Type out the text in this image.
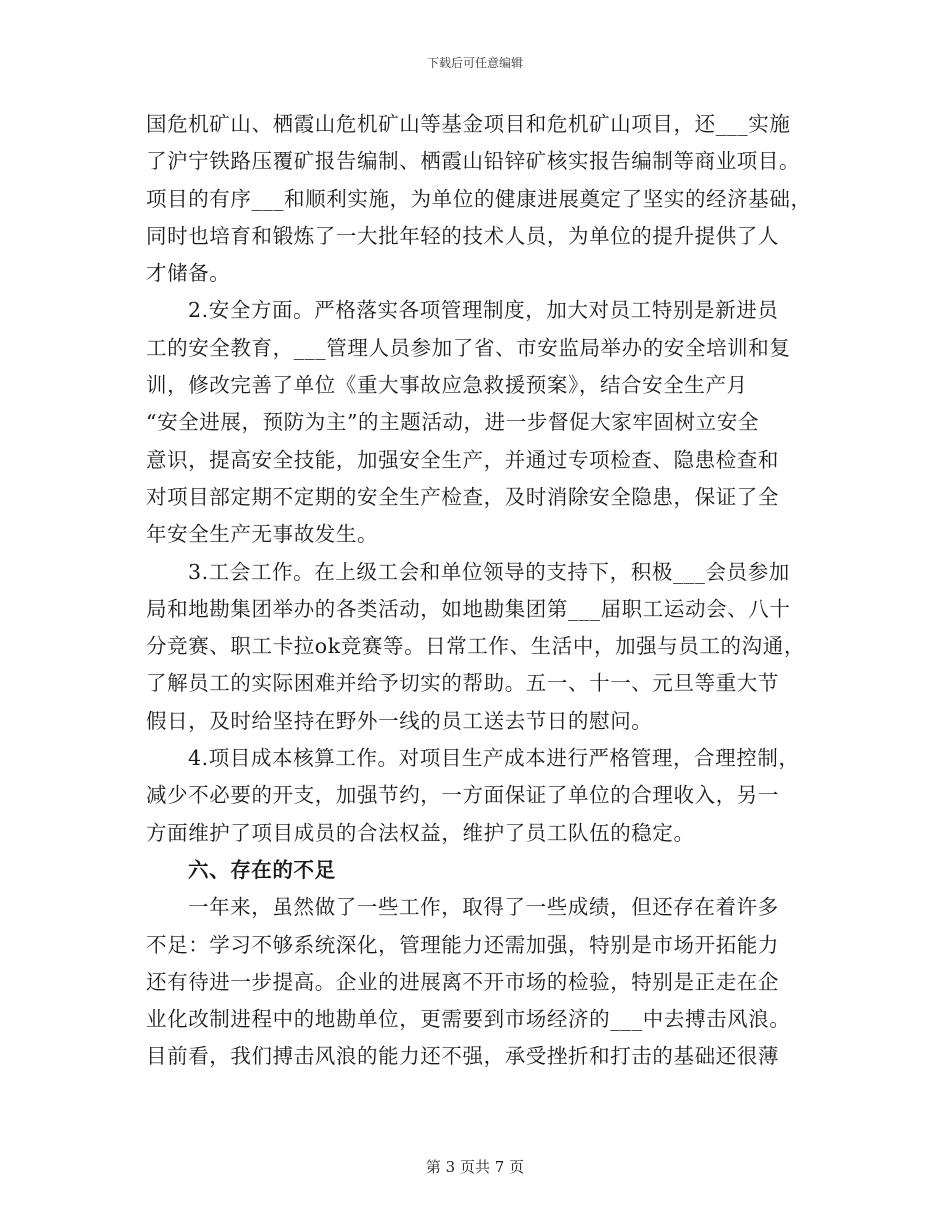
下载后可任意编辑
国危机矿山、栖霞山危机矿山等基金项目和危机矿山项目，还___实施
了沪宁铁路压覆矿报告编制、栖霞山铅锌矿核实报告编制等商业项目。
项目的有序___和顺利实施，为单位的健康进展奠定了坚实的经济基础，
同时也培育和锻炼了一大批年轻的技术人员，为单位的提升提供了人
才储备。
2.安全方面。严格落实各项管理制度，加大对员工特别是新进员
工的安全教育，___管理人员参加了省、市安监局举办的安全培训和复
训，修改完善了单位《重大事故应急救援预案》，结合安全生产月
“安全进展，预防为主”的主题活动，进一步督促大家牢固树立安全
意识，提高安全技能，加强安全生产，并通过专项检查、隐患检查和
对项目部定期不定期的安全生产检查，及时消除安全隐患，保证了全
年安全生产无事故发生。
3.工会工作。在上级工会和单位领导的支持下，积极___会员参加
局和地勘集团举办的各类活动，如地勘集团第___届职工运动会、八十
分竞赛、职工卡拉ok竞赛等。日常工作、生活中，加强与员工的沟通，
了解员工的实际困难并给予切实的帮助。五一、十一、元旦等重大节
假日，及时给坚持在野外一线的员工送去节日的慰问。
4.项目成本核算工作。对项目生产成本进行严格管理，合理控制，
减少不必要的开支，加强节约，一方面保证了单位的合理收入，另一
方面维护了项目成员的合法权益，维护了员工队伍的稳定。
六、存在的不足
一年来，虽然做了一些工作，取得了一些成绩，但还存在着许多
不足：学习不够系统深化，管理能力还需加强，特别是市场开拓能力
还有待进一步提高。企业的进展离不开市场的检验，特别是正走在企
业化改制进程中的地勘单位，更需要到市场经济的___中去搏击风浪。
目前看，我们搏击风浪的能力还不强，承受挫折和打击的基础还很薄
第 3 页共 7 页
